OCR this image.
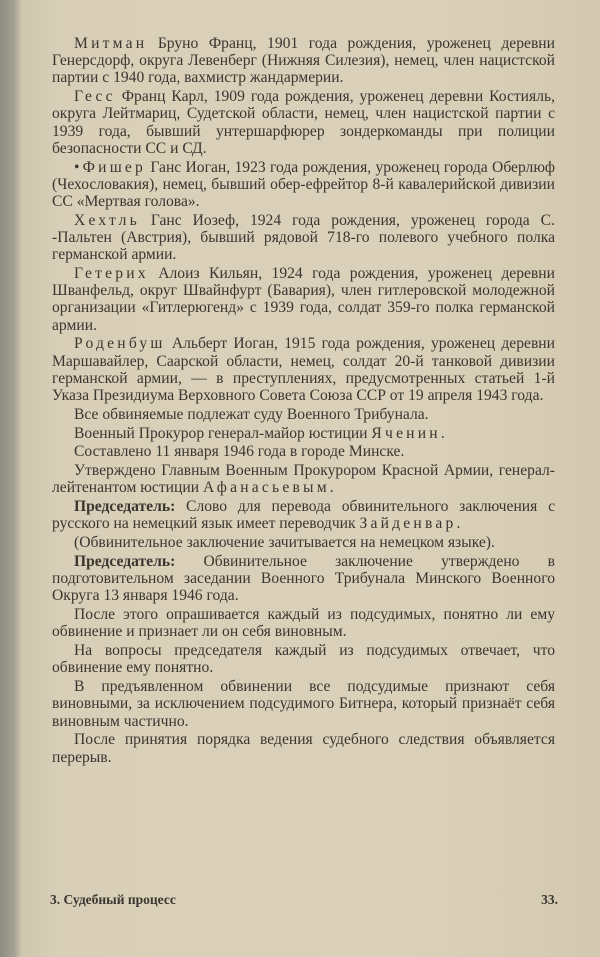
Митман Бруно Франц, 1901 года рождения, уроженец деревни Генерсдорф, округа Левенберг (Нижняя Силезия), немец, член нацистской партии с 1940 года, вахмистр жандармерии.

Гесс Франц Карл, 1909 года рождения, уроженец деревни Костияль, округа Лейтмариц, Судетской области, немец, член нацистской партии с 1939 года, бывший унтершарфюрер зондеркоманды при полиции безопасности СС и СД.

•Фишер Ганс Иоган, 1923 года рождения, уроженец города Оберлюф (Чехословакия), немец, бывший обер-ефрейтор 8-й кавалерийской дивизии СС «Мертвая голова».

Хехтль Ганс Иозеф, 1924 года рождения, уроженец города С. -Пальтен (Австрия), бывший рядовой 718-го полевого учебного полка германской армии.

Гетерих Алоиз Кильян, 1924 года рождения, уроженец деревни Шванфельд, округ Швайнфурт (Бавария), член гитлеровской молодежной организации «Гитлерюгенд» с 1939 года, солдат 359-го полка германской армии.

Роденбуш Альберт Иоган, 1915 года рождения, уроженец деревни Маршавайлер, Саарской области, немец, солдат 20-й танковой дивизии германской армии, — в преступлениях, предусмотренных статьей 1-й Указа Президиума Верховного Совета Союза ССР от 19 апреля 1943 года.

Все обвиняемые подлежат суду Военного Трибунала.

Военный Прокурор генерал-майор юстиции Яченин.

Составлено 11 января 1946 года в городе Минске.

Утверждено Главным Военным Прокурором Красной Армии, генерал-лейтенантом юстиции Афанасьевым.

Председатель: Слово для перевода обвинительного заключения с русского на немецкий язык имеет переводчик Зайденвар.

(Обвинительное заключение зачитывается на немецком языке).

Председатель: Обвинительное заключение утверждено в подготовительном заседании Военного Трибунала Минского Военного Округа 13 января 1946 года.

После этого опрашивается каждый из подсудимых, понятно ли ему обвинение и признает ли он себя виновным.

На вопросы председателя каждый из подсудимых отвечает, что обвинение ему понятно.

В предъявленном обвинении все подсудимые признают себя виновными, за исключением подсудимого Битнера, который признаёт себя виновным частично.

После принятия порядка ведения судебного следствия объявляется перерыв.

3. Судебный процесс	33.
